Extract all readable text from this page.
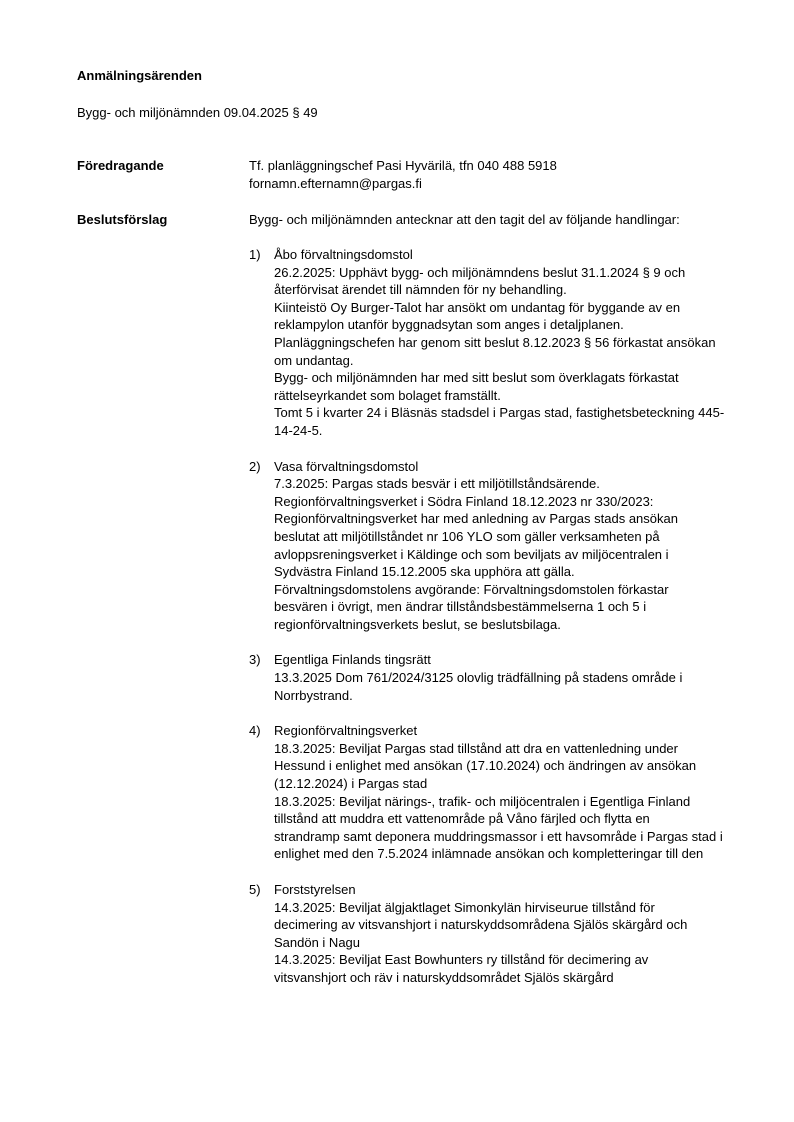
Anmälningsärenden
Bygg- och miljönämnden 09.04.2025 § 49
Föredragande	Tf. planläggningschef Pasi Hyvärilä, tfn 040 488 5918
fornamn.efternamn@pargas.fi
Beslutsförslag	Bygg- och miljönämnden antecknar att den tagit del av följande handlingar:
1)	Åbo förvaltningsdomstol
26.2.2025: Upphävt bygg- och miljönämndens beslut 31.1.2024 § 9 och
återförvisat ärendet till nämnden för ny behandling.
Kiinteistö Oy Burger-Talot har ansökt om undantag för byggande av en
reklampylon utanför byggnadsytan som anges i detaljplanen.
Planläggningschefen har genom sitt beslut 8.12.2023 § 56 förkastat ansökan
om undantag.
Bygg- och miljönämnden har med sitt beslut som överklagats förkastat
rättelseyrkandet som bolaget framställt.
Tomt 5 i kvarter 24 i Bläsnäs stadsdel i Pargas stad, fastighetsbeteckning 445-
14-24-5.
2)	Vasa förvaltningsdomstol
7.3.2025: Pargas stads besvär i ett miljötillståndsärende.
Regionförvaltningsverket i Södra Finland 18.12.2023 nr 330/2023:
Regionförvaltningsverket har med anledning av Pargas stads ansökan
beslutat att miljötillståndet nr 106 YLO som gäller verksamheten på
avloppsreningsverket i Käldinge och som beviljats av miljöcentralen i
Sydvästra Finland 15.12.2005 ska upphöra att gälla.
Förvaltningsdomstolens avgörande: Förvaltningsdomstolen förkastar
besvären i övrigt, men ändrar tillståndsbestämmelserna 1 och 5 i
regionförvaltningsverkets beslut, se beslutsbilaga.
3)	Egentliga Finlands tingsrätt
13.3.2025 Dom 761/2024/3125 olovlig trädfällning på stadens område i
Norrbystrand.
4)	Regionförvaltningsverket
18.3.2025: Beviljat Pargas stad tillstånd att dra en vattenledning under
Hessund i enlighet med ansökan (17.10.2024) och ändringen av ansökan
(12.12.2024) i Pargas stad
18.3.2025: Beviljat närings-, trafik- och miljöcentralen i Egentliga Finland
tillstånd att muddra ett vattenområde på Våno färjled och flytta en
strandramp samt deponera muddringsmassor i ett havsområde i Pargas stad i
enlighet med den 7.5.2024 inlämnade ansökan och kompletteringar till den
5)	Forststyrelsen
14.3.2025: Beviljat älgjaktlaget Simonkylän hirviseurue tillstånd för
decimering av vitsvanshjort i naturskyddsområdena Själös skärgård och
Sandön i Nagu
14.3.2025: Beviljat East Bowhunters ry tillstånd för decimering av
vitsvanshjort och räv i naturskyddsområdet Själös skärgård
